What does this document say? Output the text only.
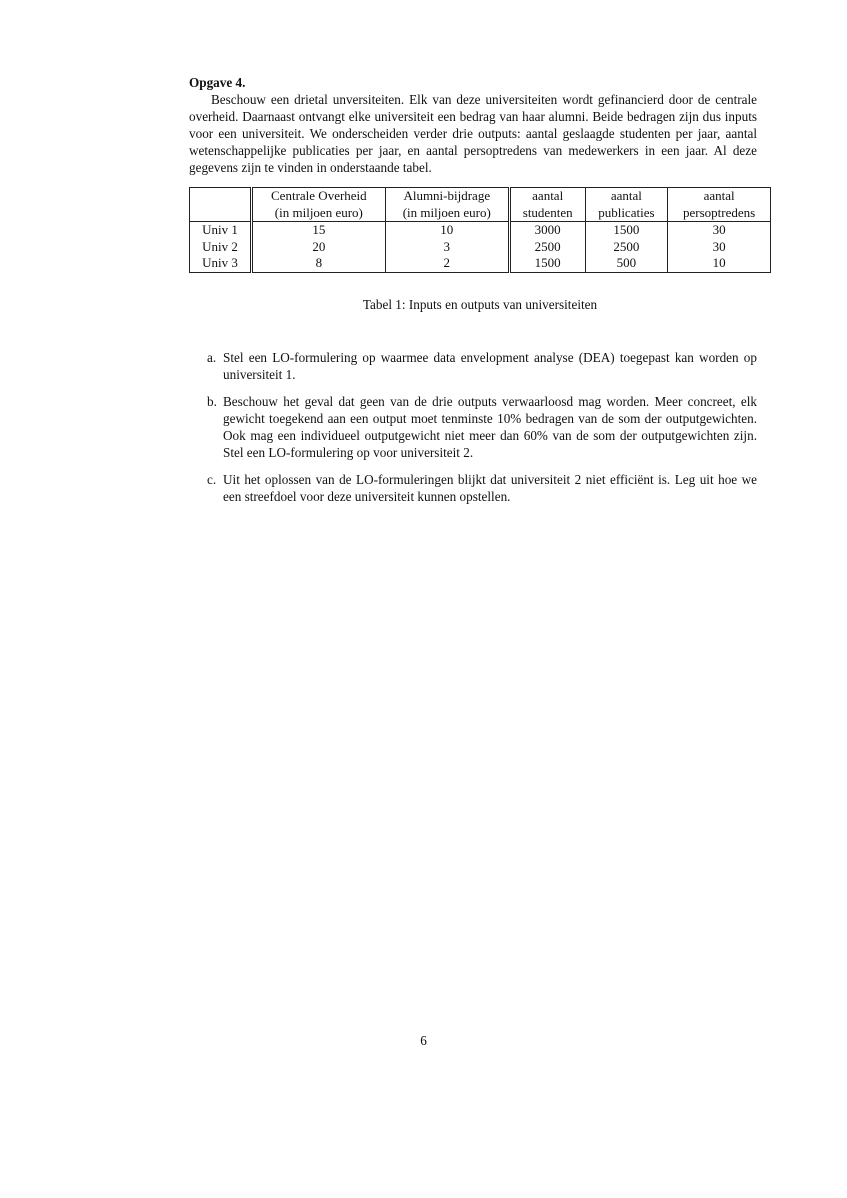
Opgave 4.

Beschouw een drietal unversiteiten. Elk van deze universiteiten wordt gefinancierd door de centrale overheid. Daarnaast ontvangt elke universiteit een bedrag van haar alumni. Beide bedragen zijn dus inputs voor een universiteit. We onderscheiden verder drie outputs: aantal geslaagde studenten per jaar, aantal wetenschappelijke publicaties per jaar, en aantal persoptredens van medewerkers in een jaar. Al deze gegevens zijn te vinden in onderstaande tabel.

	Centrale Overheid	Alumni-bijdrage	aantal	aantal	aantal
	(in miljoen euro)	(in miljoen euro)	studenten	publicaties	persoptredens
Univ 1	15	10	3000	1500	30
Univ 2	20	3	2500	2500	30
Univ 3	8	2	1500	500	10
Tabel 1: Inputs en outputs van universiteiten
a. Stel een LO-formulering op waarmee data envelopment analyse (DEA) toegepast kan worden op universiteit 1.
b. Beschouw het geval dat geen van de drie outputs verwaarloosd mag worden. Meer concreet, elk gewicht toegekend aan een output moet tenminste 10% bedragen van de som der outputgewichten. Ook mag een individueel outputgewicht niet meer dan 60% van de som der outputgewichten zijn. Stel een LO-formulering op voor universiteit 2.
c. Uit het oplossen van de LO-formuleringen blijkt dat universiteit 2 niet efficiënt is. Leg uit hoe we een streefdoel voor deze universiteit kunnen opstellen.
6
